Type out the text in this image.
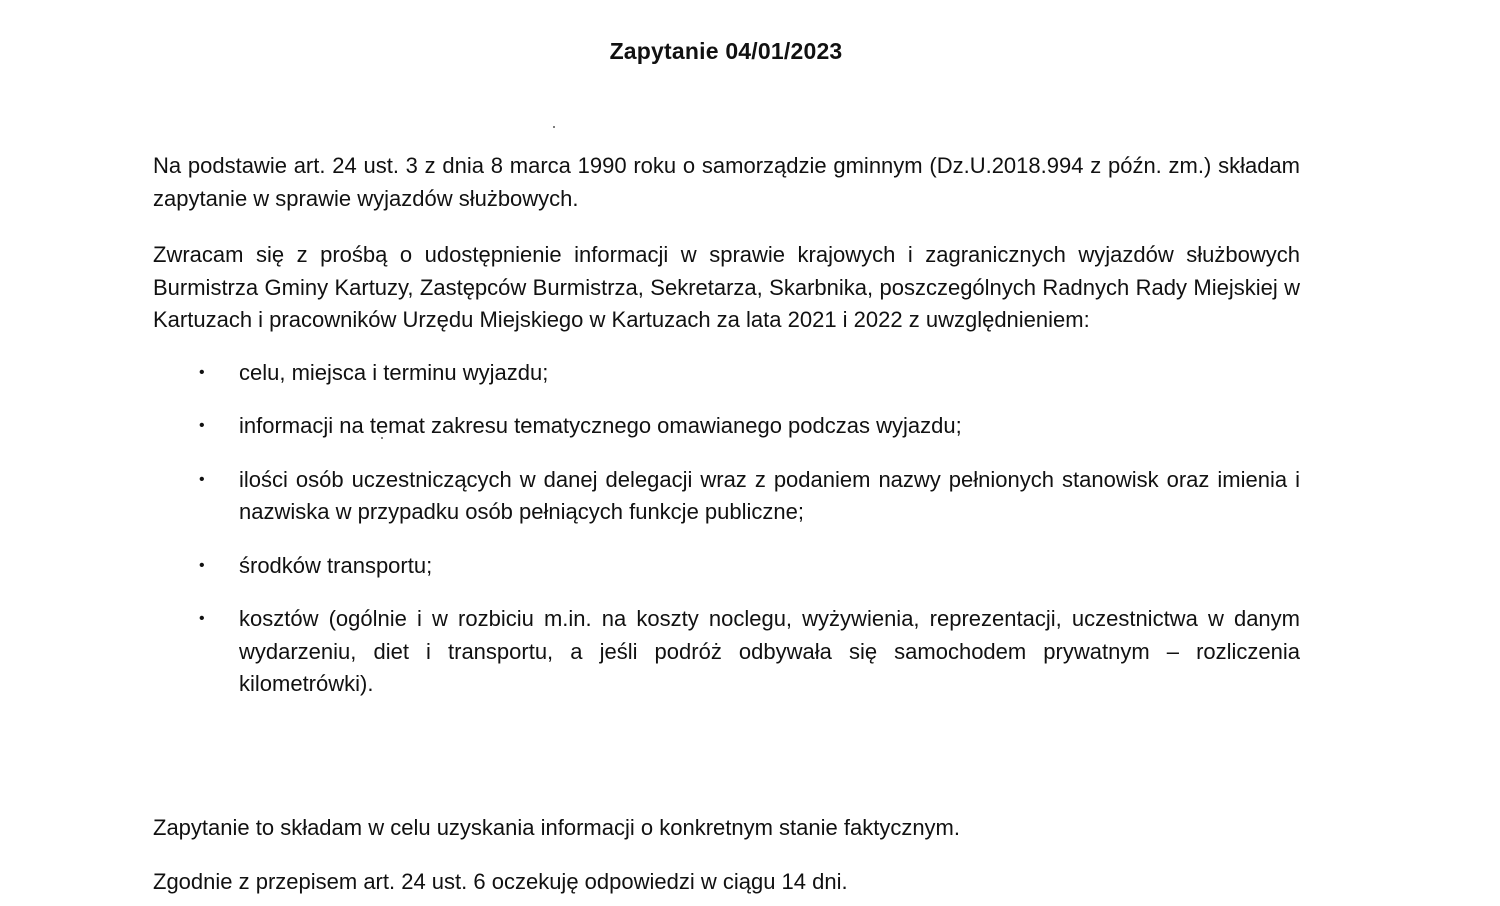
Zapytanie 04/01/2023

Na podstawie art. 24 ust. 3 z dnia 8 marca 1990 roku o samorządzie gminnym (Dz.U.2018.994 z późn. zm.) składam zapytanie w sprawie wyjazdów służbowych.

Zwracam się z prośbą o udostępnienie informacji w sprawie krajowych i zagranicznych wyjazdów służbowych Burmistrza Gminy Kartuzy, Zastępców Burmistrza, Sekretarza, Skarbnika, poszczególnych Radnych Rady Miejskiej w Kartuzach i pracowników Urzędu Miejskiego w Kartuzach za lata 2021 i 2022 z uwzględnieniem:

• celu, miejsca i terminu wyjazdu;
• informacji na temat zakresu tematycznego omawianego podczas wyjazdu;
• ilości osób uczestniczących w danej delegacji wraz z podaniem nazwy pełnionych stanowisk oraz imienia i nazwiska w przypadku osób pełniących funkcje publiczne;
• środków transportu;
• kosztów (ogólnie i w rozbiciu m.in. na koszty noclegu, wyżywienia, reprezentacji, uczestnictwa w danym wydarzeniu, diet i transportu, a jeśli podróż odbywała się samochodem prywatnym – rozliczenia kilometrówki).

Zapytanie to składam w celu uzyskania informacji o konkretnym stanie faktycznym.

Zgodnie z przepisem art. 24 ust. 6 oczekuję odpowiedzi w ciągu 14 dni.
